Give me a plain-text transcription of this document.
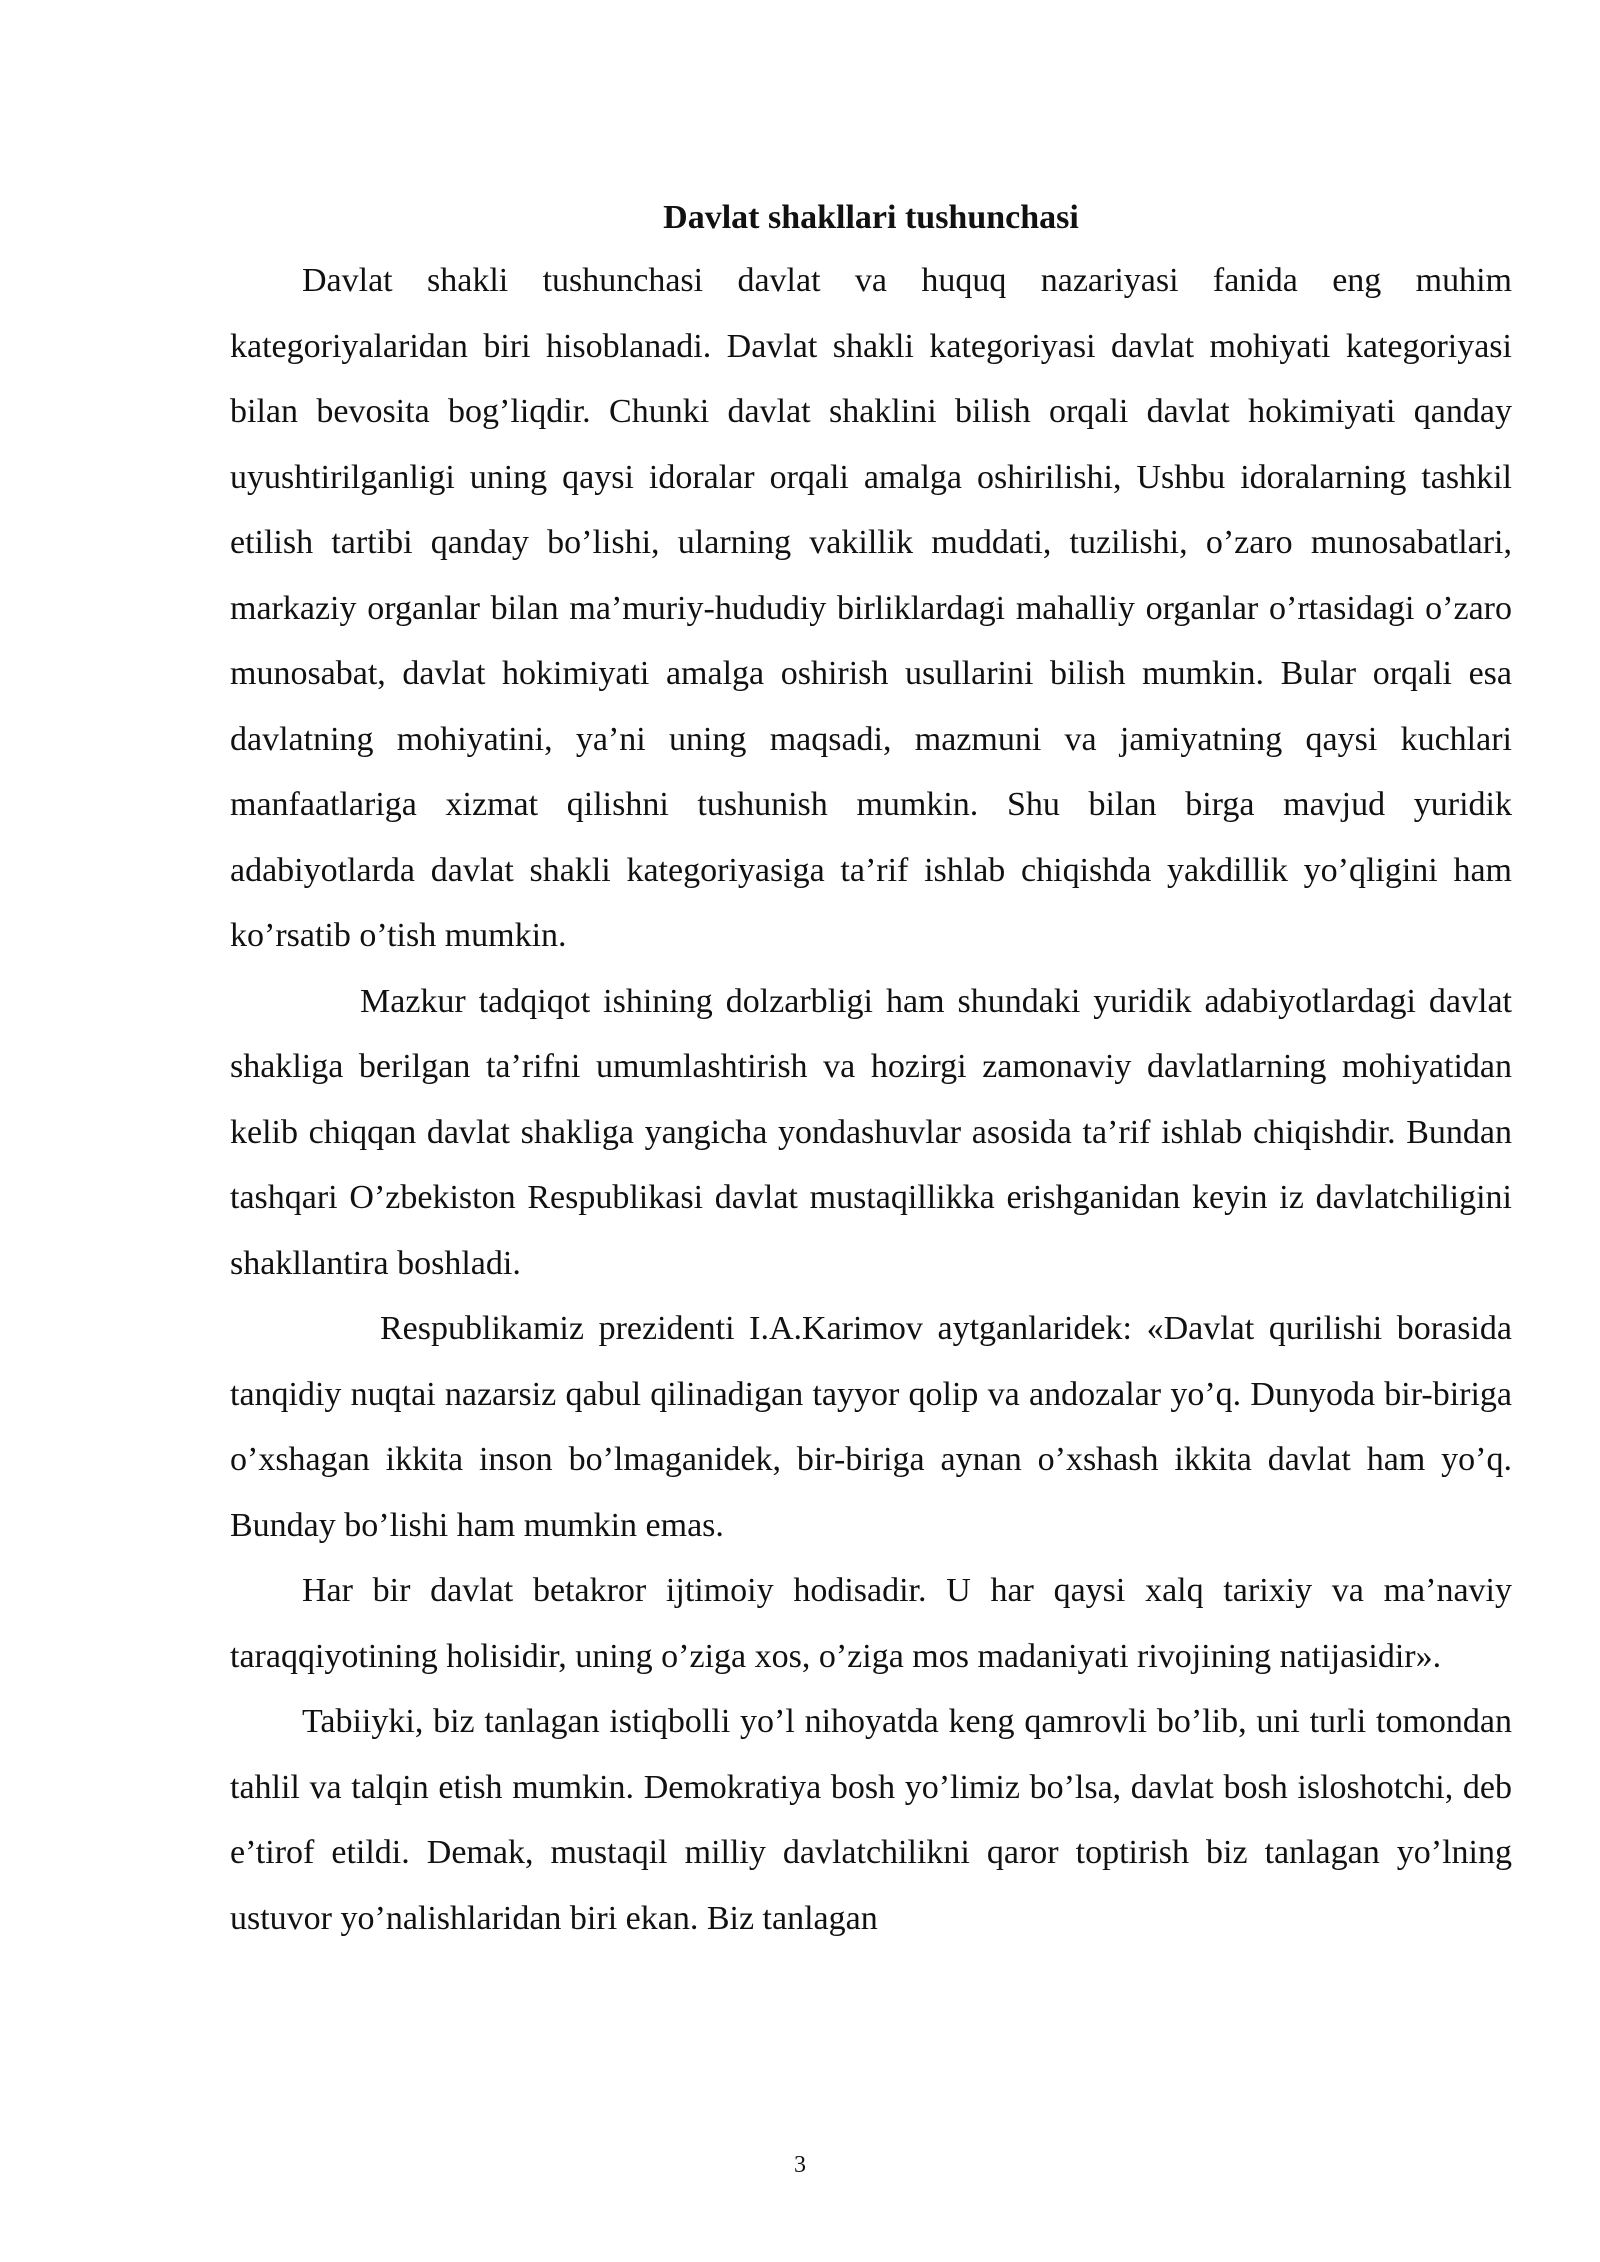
Davlat shakllari tushunchasi

Davlat shakli tushunchasi davlat va huquq nazariyasi fanida eng muhim kategoriyalaridan biri hisoblanadi. Davlat shakli kategoriyasi davlat mohiyati kategoriyasi bilan bevosita bog’liqdir. Chunki davlat shaklini bilish orqali davlat hokimiyati qanday uyushtirilganligi uning qaysi idoralar orqali amalga oshirilishi, Ushbu idoralarning tashkil etilish tartibi qanday bo’lishi, ularning vakillik muddati, tuzilishi, o’zaro munosabatlari, markaziy organlar bilan ma’muriy-hududiy birliklardagi mahalliy organlar o’rtasidagi o’zaro munosabat, davlat hokimiyati amalga oshirish usullarini bilish mumkin. Bular orqali esa davlatning mohiyatini, ya’ni uning maqsadi, mazmuni va jamiyatning qaysi kuchlari manfaatlariga xizmat qilishni tushunish mumkin. Shu bilan birga mavjud yuridik adabiyotlarda davlat shakli kategoriyasiga ta’rif ishlab chiqishda yakdillik yo’qligini ham ko’rsatib o’tish mumkin.

Mazkur tadqiqot ishining dolzarbligi ham shundaki yuridik adabiyotlardagi davlat shakliga berilgan ta’rifni umumlashtirish va hozirgi zamonaviy davlatlarning mohiyatidan kelib chiqqan davlat shakliga yangicha yondashuvlar asosida ta’rif ishlab chiqishdir. Bundan tashqari O’zbekiston Respublikasi davlat mustaqillikka erishganidan keyin iz davlatchiligini shakllantira boshladi.

Respublikamiz prezidenti I.A.Karimov aytganlaridek: «Davlat qurilishi borasida tanqidiy nuqtai nazarsiz qabul qilinadigan tayyor qolip va andozalar yo’q. Dunyoda bir-biriga o’xshagan ikkita inson bo’lmaganidek, bir-biriga aynan o’xshash ikkita davlat ham yo’q. Bunday bo’lishi ham mumkin emas.

Har bir davlat betakror ijtimoiy hodisadir. U har qaysi xalq tarixiy va ma’naviy taraqqiyotining holisidir, uning o’ziga xos, o’ziga mos madaniyati rivojining natijasidir».

Tabiiyki, biz tanlagan istiqbolli yo’l nihoyatda keng qamrovli bo’lib, uni turli tomondan tahlil va talqin etish mumkin. Demokratiya bosh yo’limiz bo’lsa, davlat bosh isloshotchi, deb e’tirof etildi. Demak, mustaqil milliy davlatchilikni qaror toptirish biz tanlagan yo’lning ustuvor yo’nalishlaridan biri ekan. Biz tanlagan

3
